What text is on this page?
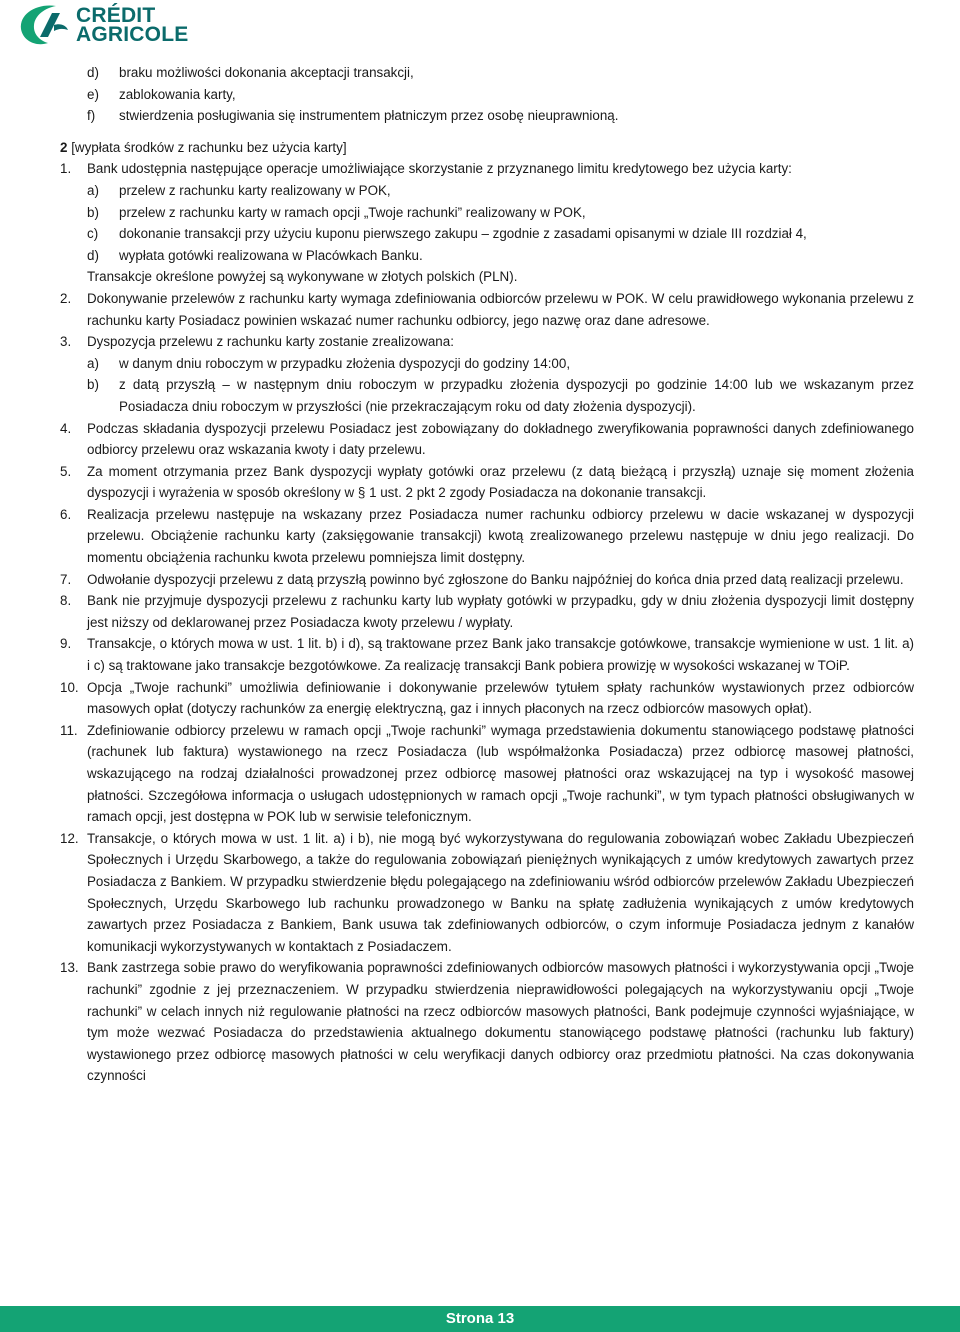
CRÉDIT
AGRICOLE
d)	braku możliwości dokonania akceptacji transakcji,
e)	zablokowania karty,
f)	stwierdzenia posługiwania się instrumentem płatniczym przez osobę nieuprawnioną.
2 [wypłata środków z rachunku bez użycia karty]
1.	Bank udostępnia następujące operacje umożliwiające skorzystanie z przyznanego limitu kredytowego bez użycia karty:
a)	przelew z rachunku karty realizowany w POK,
b)	przelew z rachunku karty w ramach opcji „Twoje rachunki” realizowany w POK,
c)	dokonanie transakcji przy użyciu kuponu pierwszego zakupu – zgodnie z zasadami opisanymi w dziale III rozdział 4,
d)	wypłata gotówki realizowana w Placówkach Banku.
Transakcje określone powyżej są wykonywane w złotych polskich (PLN).
2.	Dokonywanie przelewów z rachunku karty wymaga zdefiniowania odbiorców przelewu w POK. W celu prawidłowego wykonania przelewu z rachunku karty Posiadacz powinien wskazać numer rachunku odbiorcy, jego nazwę oraz dane adresowe.
3.	Dyspozycja przelewu z rachunku karty zostanie zrealizowana:
a)	w danym dniu roboczym w przypadku złożenia dyspozycji do godziny 14:00,
b)	z datą przyszłą – w następnym dniu roboczym w przypadku złożenia dyspozycji po godzinie 14:00 lub we wskazanym przez Posiadacza dniu roboczym w przyszłości (nie przekraczającym roku od daty złożenia dyspozycji).
4.	Podczas składania dyspozycji przelewu Posiadacz jest zobowiązany do dokładnego zweryfikowania poprawności danych zdefiniowanego odbiorcy przelewu oraz wskazania kwoty i daty przelewu.
5.	Za moment otrzymania przez Bank dyspozycji wypłaty gotówki oraz przelewu (z datą bieżącą i przyszłą) uznaje się moment złożenia dyspozycji i wyrażenia w sposób określony w § 1 ust. 2 pkt 2 zgody Posiadacza na dokonanie transakcji.
6.	Realizacja przelewu następuje na wskazany przez Posiadacza numer rachunku odbiorcy przelewu w dacie wskazanej w dyspozycji przelewu. Obciążenie rachunku karty (zaksięgowanie transakcji) kwotą zrealizowanego przelewu następuje w dniu jego realizacji. Do momentu obciążenia rachunku kwota przelewu pomniejsza limit dostępny.
7.	Odwołanie dyspozycji przelewu z datą przyszłą powinno być zgłoszone do Banku najpóźniej do końca dnia przed datą realizacji przelewu.
8.	Bank nie przyjmuje dyspozycji przelewu z rachunku karty lub wypłaty gotówki w przypadku, gdy w dniu złożenia dyspozycji limit dostępny jest niższy od deklarowanej przez Posiadacza kwoty przelewu / wypłaty.
9.	Transakcje, o których mowa w ust. 1 lit. b) i d), są traktowane przez Bank jako transakcje gotówkowe, transakcje wymienione w ust. 1 lit. a) i c) są traktowane jako transakcje bezgotówkowe. Za realizację transakcji Bank pobiera prowizję w wysokości wskazanej w TOiP.
10. Opcja „Twoje rachunki” umożliwia definiowanie i dokonywanie przelewów tytułem spłaty rachunków wystawionych przez odbiorców masowych opłat (dotyczy rachunków za energię elektryczną, gaz i innych płaconych na rzecz odbiorców masowych opłat).
11. Zdefiniowanie odbiorcy przelewu w ramach opcji „Twoje rachunki” wymaga przedstawienia dokumentu stanowiącego podstawę płatności (rachunek lub faktura) wystawionego na rzecz Posiadacza (lub współmałżonka Posiadacza) przez odbiorcę masowej płatności, wskazującego na rodzaj działalności prowadzonej przez odbiorcę masowej płatności oraz wskazującej na typ i wysokość masowej płatności. Szczegółowa informacja o usługach udostępnionych w ramach opcji „Twoje rachunki”, w tym typach płatności obsługiwanych w ramach opcji, jest dostępna w POK lub w serwisie telefonicznym.
12. Transakcje, o których mowa w ust. 1 lit. a) i b), nie mogą być wykorzystywana do regulowania zobowiązań wobec Zakładu Ubezpieczeń Społecznych i Urzędu Skarbowego, a także do regulowania zobowiązań pieniężnych wynikających z umów kredytowych zawartych przez Posiadacza z Bankiem. W przypadku stwierdzenie błędu polegającego na zdefiniowaniu wśród odbiorców przelewów Zakładu Ubezpieczeń Społecznych, Urzędu Skarbowego lub rachunku prowadzonego w Banku na spłatę zadłużenia wynikających z umów kredytowych zawartych przez Posiadacza z Bankiem, Bank usuwa tak zdefiniowanych odbiorców, o czym informuje Posiadacza jednym z kanałów komunikacji wykorzystywanych w kontaktach z Posiadaczem.
13. Bank zastrzega sobie prawo do weryfikowania poprawności zdefiniowanych odbiorców masowych płatności i wykorzystywania opcji „Twoje rachunki” zgodnie z jej przeznaczeniem. W przypadku stwierdzenia nieprawidłowości polegających na wykorzystywaniu opcji „Twoje rachunki” w celach innych niż regulowanie płatności na rzecz odbiorców masowych płatności, Bank podejmuje czynności wyjaśniające, w tym może wezwać Posiadacza do przedstawienia aktualnego dokumentu stanowiącego podstawę płatności (rachunku lub faktury) wystawionego przez odbiorcę masowych płatności w celu weryfikacji danych odbiorcy oraz przedmiotu płatności. Na czas dokonywania czynności
Strona 13
